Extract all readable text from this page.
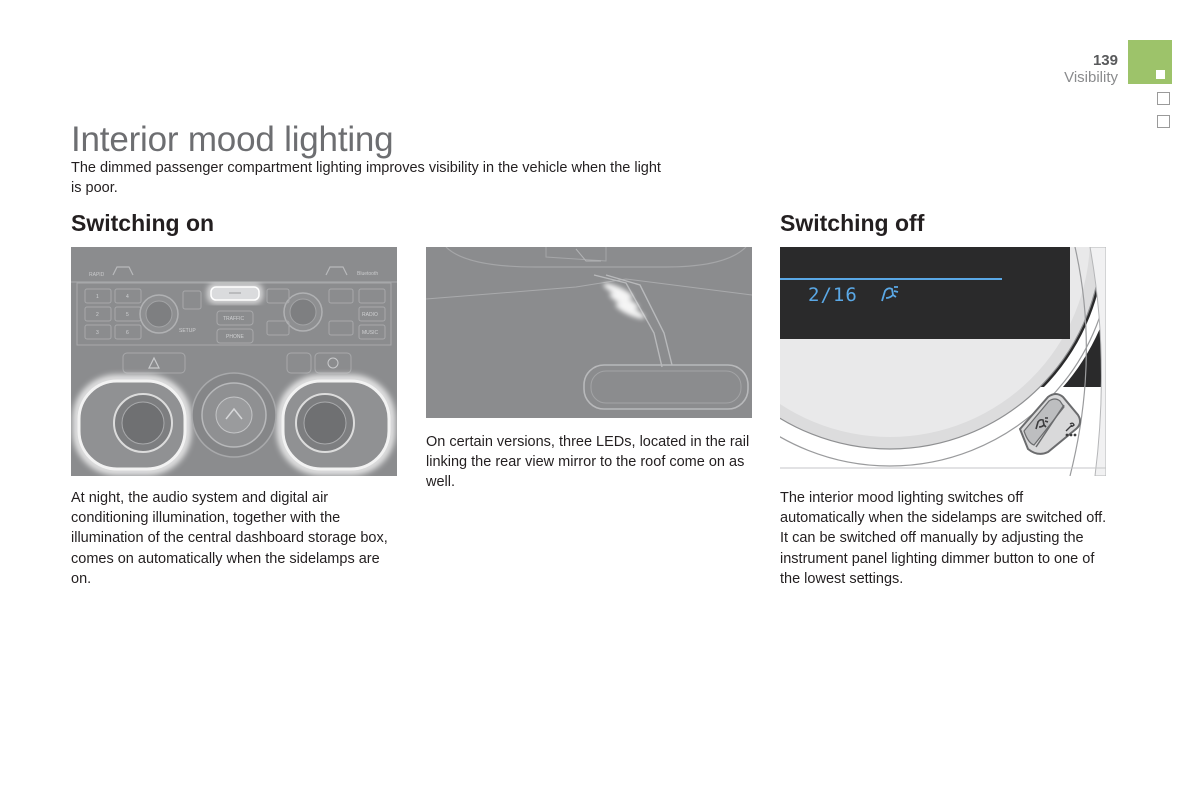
139
Visibility
Interior mood lighting
The dimmed passenger compartment lighting improves visibility in the vehicle when the light is poor.
Switching on	Switching off
RAPID	Bluetooth
1	4
2	5
3	6	SETUP
TRAFFIC
PHONE
RADIO
MUSIC
At night, the audio system and digital air conditioning illumination, together with the illumination of the central dashboard storage box, comes on automatically when the sidelamps are on.
On certain versions, three LEDs, located in the rail linking the rear view mirror to the roof come on as well.
2/16
The interior mood lighting switches off automatically when the sidelamps are switched off.
It can be switched off manually by adjusting the instrument panel lighting dimmer button to one of the lowest settings.
